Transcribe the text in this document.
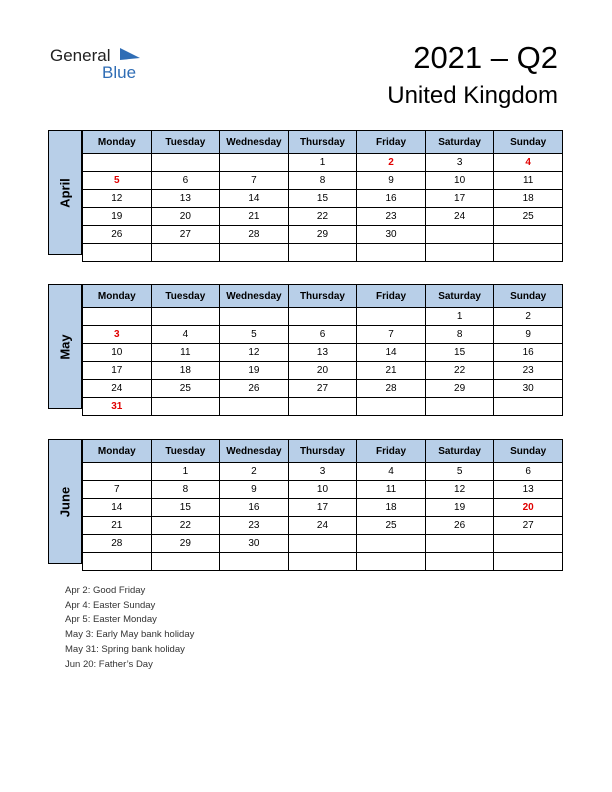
General
Blue	2021 – Q2
United Kingdom
April
Monday	Tuesday	Wednesday	Thursday	Friday	Saturday	Sunday
			1	2	3	4
5	6	7	8	9	10	11
12	13	14	15	16	17	18
19	20	21	22	23	24	25
26	27	28	29	30		

May
Monday	Tuesday	Wednesday	Thursday	Friday	Saturday	Sunday
					1	2
3	4	5	6	7	8	9
10	11	12	13	14	15	16
17	18	19	20	21	22	23
24	25	26	27	28	29	30
31						
June
Monday	Tuesday	Wednesday	Thursday	Friday	Saturday	Sunday
	1	2	3	4	5	6
7	8	9	10	11	12	13
14	15	16	17	18	19	20
21	22	23	24	25	26	27
28	29	30				

Apr 2: Good Friday
Apr 4: Easter Sunday
Apr 5: Easter Monday
May 3: Early May bank holiday
May 31: Spring bank holiday
Jun 20: Father’s Day
